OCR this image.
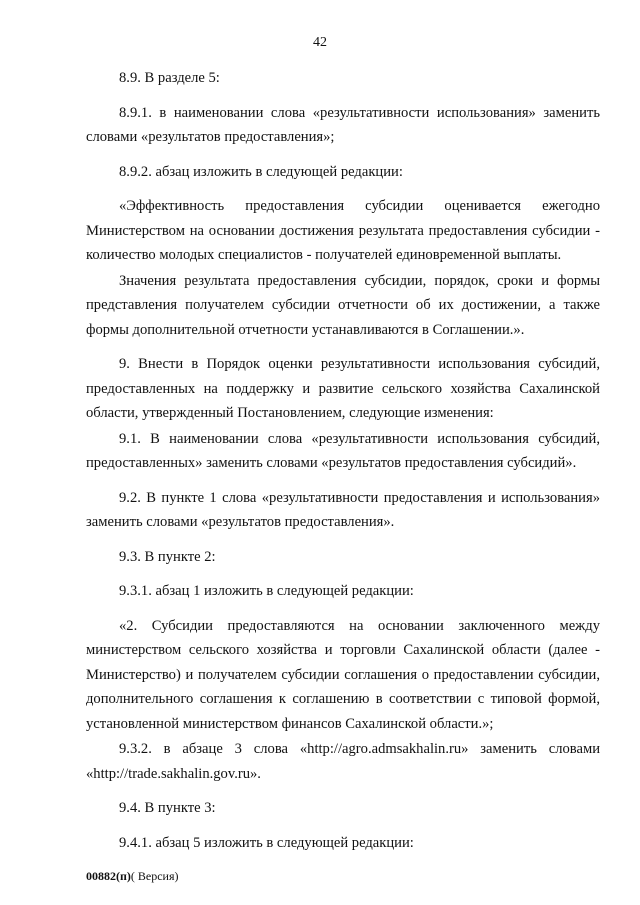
42

8.9. В разделе 5:

8.9.1. в наименовании слова «результативности использования» заменить словами «результатов предоставления»;

8.9.2. абзац изложить в следующей редакции:

«Эффективность предоставления субсидии оценивается ежегодно Министерством на основании достижения результата предоставления субсидии - количество молодых специалистов - получателей единовременной выплаты.

Значения результата предоставления субсидии, порядок, сроки и формы представления получателем субсидии отчетности об их достижении, а также формы дополнительной отчетности устанавливаются в Соглашении.».

9. Внести в Порядок оценки результативности использования субсидий, предоставленных на поддержку и развитие сельского хозяйства Сахалинской области, утвержденный Постановлением, следующие изменения:

9.1. В наименовании слова «результативности использования субсидий, предоставленных» заменить словами «результатов предоставления субсидий».

9.2. В пункте 1 слова «результативности предоставления и использования» заменить словами «результатов предоставления».

9.3. В пункте 2:

9.3.1. абзац 1 изложить в следующей редакции:

«2. Субсидии предоставляются на основании заключенного между министерством сельского хозяйства и торговли Сахалинской области (далее - Министерство) и получателем субсидии соглашения о предоставлении субсидии, дополнительного соглашения к соглашению в соответствии с типовой формой, установленной министерством финансов Сахалинской области.»;

9.3.2. в абзаце 3 слова «http://agro.admsakhalin.ru» заменить словами «http://trade.sakhalin.gov.ru».

9.4. В пункте 3:

9.4.1. абзац 5 изложить в следующей редакции:

00882(п)( Версия)
